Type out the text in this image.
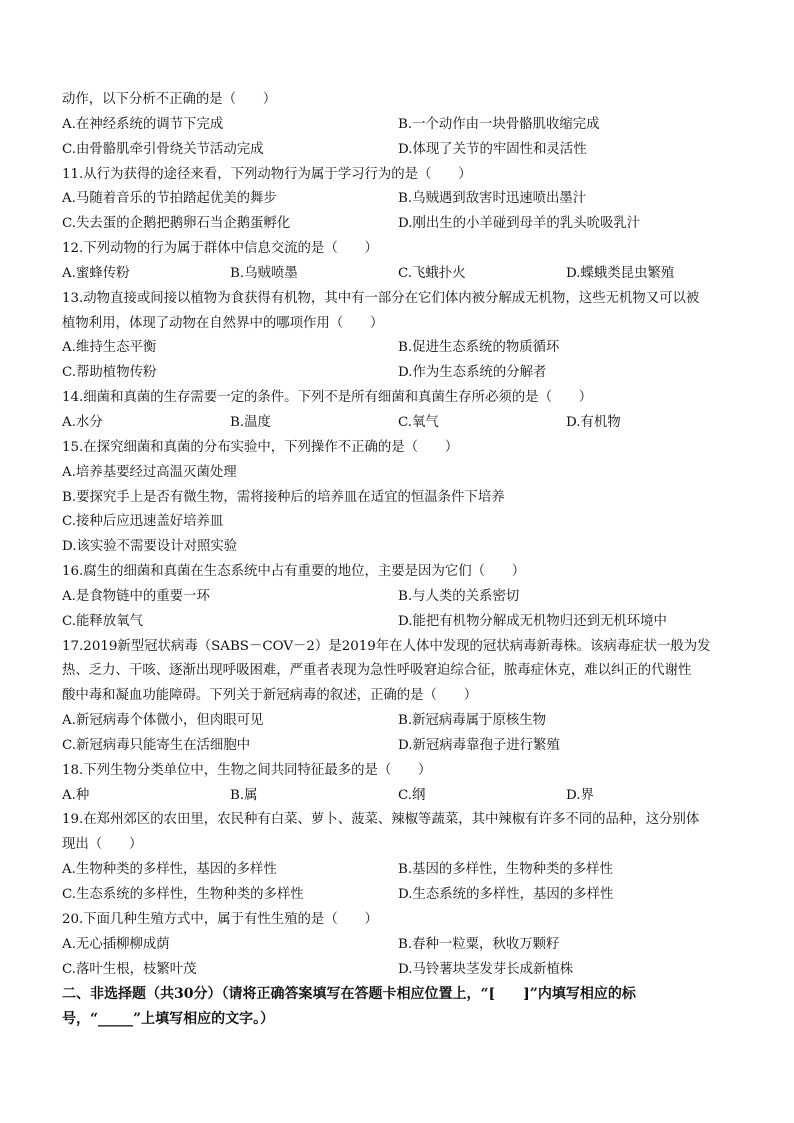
动作，以下分析不正确的是（　　）
A.在神经系统的调节下完成	B.一个动作由一块骨骼肌收缩完成
C.由骨骼肌牵引骨绕关节活动完成	D.体现了关节的牢固性和灵活性
11.从行为获得的途径来看，下列动物行为属于学习行为的是（　　）
A.马随着音乐的节拍踏起优美的舞步	B.乌贼遇到敌害时迅速喷出墨汁
C.失去蛋的企鹅把鹅卵石当企鹅蛋孵化	D.刚出生的小羊碰到母羊的乳头吮吸乳汁
12.下列动物的行为属于群体中信息交流的是（　　）
A.蜜蜂传粉	B.乌贼喷墨	C.飞蛾扑火	D.蝶蛾类昆虫繁殖
13.动物直接或间接以植物为食获得有机物，其中有一部分在它们体内被分解成无机物，这些无机物又可以被
植物利用，体现了动物在自然界中的哪项作用（　　）
A.维持生态平衡	B.促进生态系统的物质循环
C.帮助植物传粉	D.作为生态系统的分解者
14.细菌和真菌的生存需要一定的条件。下列不是所有细菌和真菌生存所必须的是（　　）
A.水分	B.温度	C.氧气	D.有机物
15.在探究细菌和真菌的分布实验中，下列操作不正确的是（　　）
A.培养基要经过高温灭菌处理
B.要探究手上是否有微生物，需将接种后的培养皿在适宜的恒温条件下培养
C.接种后应迅速盖好培养皿
D.该实验不需要设计对照实验
16.腐生的细菌和真菌在生态系统中占有重要的地位，主要是因为它们（　　）
A.是食物链中的重要一环	B.与人类的关系密切
C.能释放氧气	D.能把有机物分解成无机物归还到无机环境中
17.2019新型冠状病毒（SABS－COV－2）是2019年在人体中发现的冠状病毒新毒株。该病毒症状一般为发
热、乏力、干咳、逐渐出现呼吸困难，严重者表现为急性呼吸窘迫综合征，脓毒症休克，难以纠正的代谢性
酸中毒和凝血功能障碍。下列关于新冠病毒的叙述，正确的是（　　）
A.新冠病毒个体微小，但肉眼可见	B.新冠病毒属于原核生物
C.新冠病毒只能寄生在活细胞中	D.新冠病毒靠孢子进行繁殖
18.下列生物分类单位中，生物之间共同特征最多的是（　　）
A.种	B.属	C.纲	D.界
19.在郑州郊区的农田里，农民种有白菜、萝卜、菠菜、辣椒等蔬菜，其中辣椒有许多不同的品种，这分别体
现出（　　）
A.生物种类的多样性，基因的多样性	B.基因的多样性，生物种类的多样性
C.生态系统的多样性，生物种类的多样性	D.生态系统的多样性，基因的多样性
20.下面几种生殖方式中，属于有性生殖的是（　　）
A.无心插柳柳成荫	B.春种一粒粟，秋收万颗籽
C.落叶生根，枝繁叶茂	D.马铃薯块茎发芽长成新植株
二、非选择题（共30分）（请将正确答案填写在答题卡相应位置上，“[　　]”内填写相应的标
号，“_____”上填写相应的文字。）
